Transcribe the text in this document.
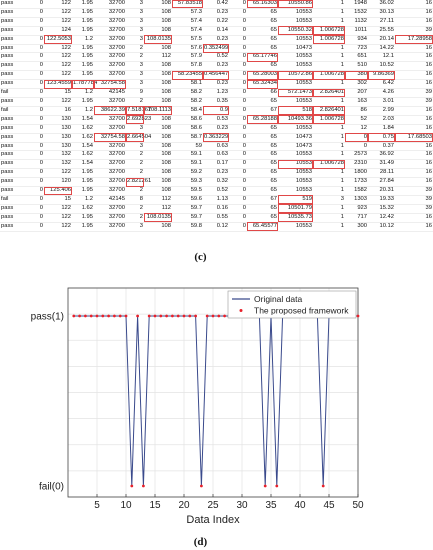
pass	0	122	1.95	32700	3	108	57.83518	0.42	0	65.16303	10550.86	1	1948	36.02	16
pass	0	122	1.95	32700	3	108	57.3	0.23	0	65	10553	1	1532	30.13	16
pass	0	122	1.95	32700	3	108	57.4	0.22	0	65	10553	1	1132	27.11	16
pass	0	124	1.95	32700	3	108	57.4	0.14	0	65	10550.32	1.006728	1011	25.55	39
pass	0	122.5053	1.2	32700	3	108.0135	57.5	0.23	0	65	10553	1.006728	934	20.14	17.28958
pass	0	122	1.95	32700	2	108	57.6	0.352499	0	65	10473	1	723	14.22	16
pass	0	122	1.95	32700	2	112	57.9	0.52	0	65.17746	10553	1	651	12.1	16
pass	0	122	1.95	32700	3	108	57.8	0.23	0	65	10553	1	510	10.52	16
pass	0	122	1.95	32700	3	108	58.23455	0.456447	0	65.28003	10572.86	1.006728	380	9.86369	16
pass	0	123.4559	1.787784	32754.58	3	108	58.1	0.23	0	65.32434	10553	1	302	6.42	16
fail	0	15	1.2	42145	9	108	58.2	1.23	0	66	572.1473	2.826401	207	4.26	39
pass	0	122	1.95	32700	2	108	58.2	0.35	0	65	10553	1	163	3.01	39
fail	0	16	1.2	38622.39	7.518167	108.1113	58.4	0.9	0	67	518	2.826401	86	2.99	16
pass	0	130	1.54	32700	2.692823	108	58.6	0.53	0	65.28188	10493.36	1.006728	52	2.03	16
pass	0	130	1.62	32700	3	108	58.6	0.23	0	65	10553	1	12	1.84	16
pass	0	130	1.62	32754.58	2.664504	108	58.7	0.363229	0	65	10473	1	0	0.75	17.68503
pass	0	130	1.54	32700	3	108	59	0.63	0	65	10473	1	0	0.37	16
pass	0	132	1.62	32700	2	108	59.1	0.63	0	65	10553	1	2573	36.92	16
pass	0	132	1.54	32700	2	108	59.1	0.17	0	65	10553	1.006728	2310	31.49	16
pass	0	122	1.95	32700	2	108	59.2	0.23	0	65	10553	1	1800	28.11	16
pass	0	120	1.95	32700	2.821261	108	59.3	0.32	0	65	10553	1	1733	27.84	16
pass	0	125.406	1.95	32700	2	108	59.5	0.52	0	65	10553	1	1582	20.31	39
fail	0	15	1.2	42145	8	112	59.6	1.13	0	67	519	3	1303	19.33	39
pass	0	122	1.62	32700	2	112	59.7	0.16	0	65	10501.79	1	923	15.32	39
pass	0	122	1.95	32700	2	108.0135	59.7	0.55	0	65	10535.73	1	717	12.42	16
pass	0	122	1.95	32700	3	108	59.8	0.12	0	65.45577	10553	1	300	10.12	16
(c)
5 10 15 20 25 30 35 40 45 50
pass(1)
fail(0)
Data Index
Original data
The proposed framework
(d)
